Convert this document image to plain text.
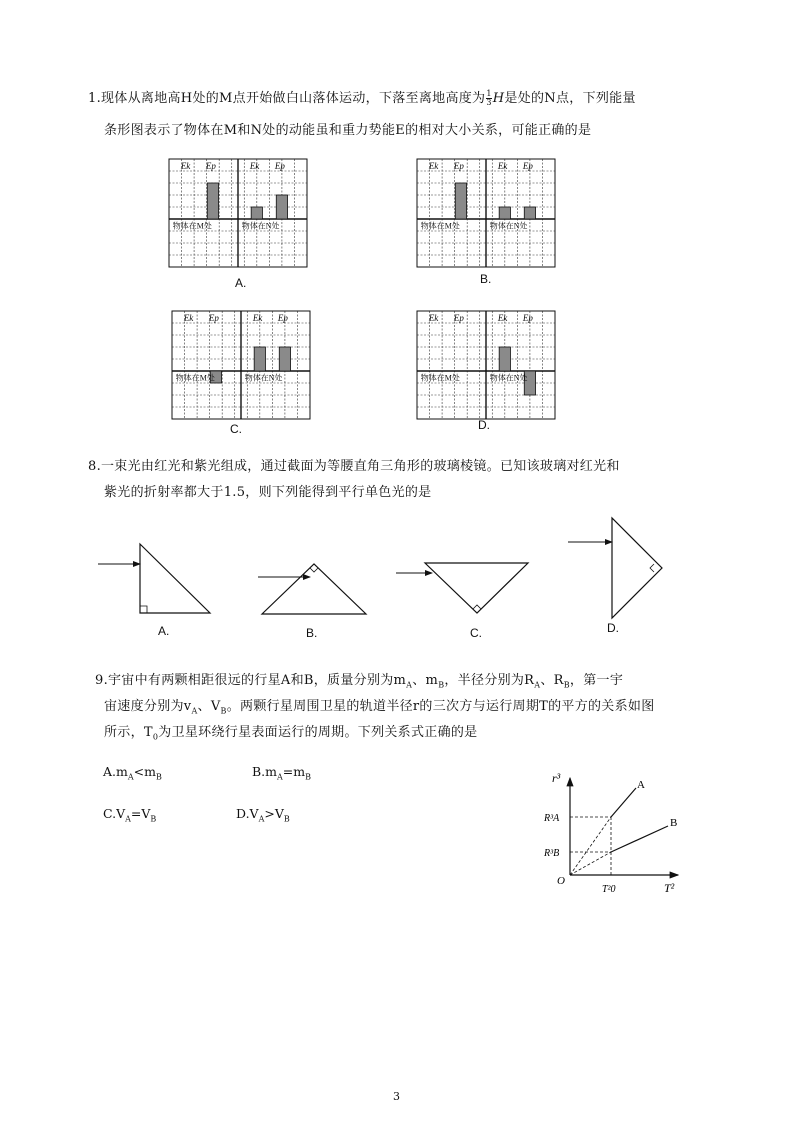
1.现体从离地高H处的M点开始做白山落体运动，下落至离地高度为 $\frac{1}{3}$ H是处的N点，下列能量
条形图表示了物体在M和N处的动能虽和重力势能E的相对大小关系，可能正确的是
Ek Ep	Ek Ep
物体在M处	物体在N处
A.
Ek Ep	Ek Ep
物体在M处	物体在N处
B.
Ek Ep	Ek Ep
物体在M处	物体在N处
C.
Ek Ep	Ek Ep
物体在M处	物体在N处
D.
8.一束光由红光和紫光组成，通过截面为等腰直角三角形的玻璃棱镜。已知该玻璃对红光和
紫光的折射率都大于1.5，则下列能得到平行单色光的是
A.	B.	C.	D.
9.宇宙中有两颗相距很远的行星A和B，质量分别为$m_A$、$m_B$，半径分别为$R_A$、$R_B$，第一宇
宙速度分别为$v_A$、$V_B$。两颗行星周围卫星的轨道半径r的三次方与运行周期T的平方的关系如图
所示，$T_0$为卫星环绕行星表面运行的周期。下列关系式正确的是
$A.m_A<m_B$	$B.m_A=m_B$
$C.V_A=V_B$	$D.V_A>V_B$
A
B
O
r³
T²
R³A
R³B
T²0
3
